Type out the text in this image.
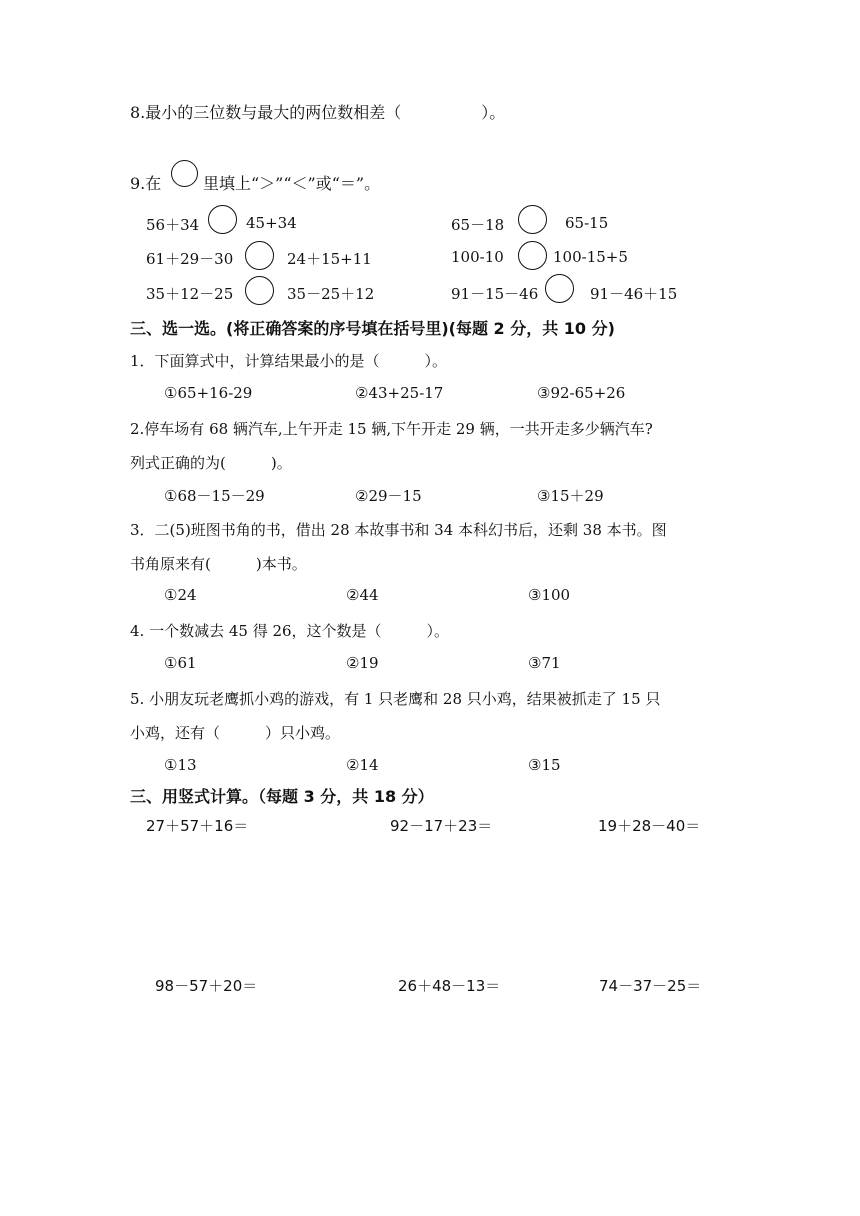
8.最小的三位数与最大的两位数相差（　　　　　）。
9.在	里填上“＞”“＜”或“＝”。
56＋34	45+34	65－18	65-15
61＋29－30	24＋15+11	100-10	100-15+5
35＋12－25	35－25＋12	91－15－46	91－46＋15
三、选一选。(将正确答案的序号填在括号里)(每题 2 分，共 10 分)
1．下面算式中，计算结果最小的是（　　　）。
①65+16-29	②43+25-17	③92-65+26
2.停车场有 68 辆汽车,上午开走 15 辆,下午开走 29 辆，一共开走多少辆汽车?
列式正确的为(　　　)。
①68－15－29	②29－15	③15＋29
3．二(5)班图书角的书，借出 28 本故事书和 34 本科幻书后，还剩 38 本书。图
书角原来有(　　　)本书。
①24	②44	③100
4. 一个数减去 45 得 26，这个数是（　　　）。
①61	②19	③71
5. 小朋友玩老鹰抓小鸡的游戏，有 1 只老鹰和 28 只小鸡，结果被抓走了 15 只
小鸡，还有（　　　）只小鸡。
①13	②14	③15
三、用竖式计算。（每题 3 分，共 18 分）
27＋57＋16＝	92－17＋23＝	19＋28－40＝
98－57＋20＝	26＋48－13＝	74－37－25＝
